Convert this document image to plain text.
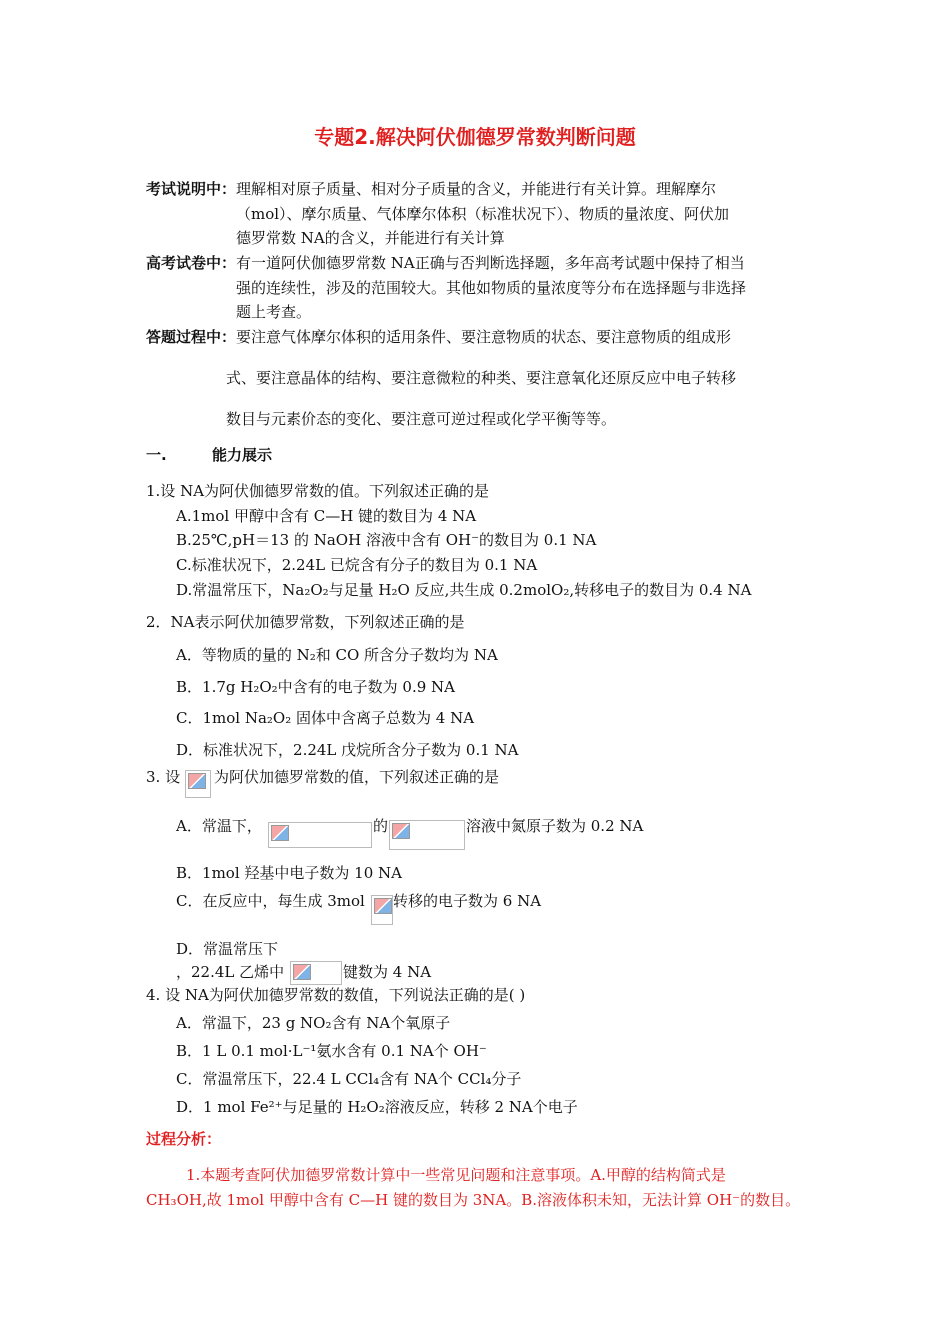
专题2.解决阿伏伽德罗常数判断问题
考试说明中： 理解相对原子质量、相对分子质量的含义，并能进行有关计算。理解摩尔
（mol）、摩尔质量、气体摩尔体积（标准状况下）、物质的量浓度、阿伏加
德罗常数 NA的含义，并能进行有关计算
高考试卷中： 有一道阿伏伽德罗常数 NA正确与否判断选择题，多年高考试题中保持了相当
强的连续性，涉及的范围较大。其他如物质的量浓度等分布在选择题与非选择
题上考查。
答题过程中： 要注意气体摩尔体积的适用条件、要注意物质的状态、要注意物质的组成形
式、要注意晶体的结构、要注意微粒的种类、要注意氧化还原反应中电子转移
数目与元素价态的变化、要注意可逆过程或化学平衡等等。
一.	能力展示
1.设 NA为阿伏伽德罗常数的值。下列叙述正确的是
A.1mol 甲醇中含有 C—H 键的数目为 4 NA
B.25℃,pH＝13 的 NaOH 溶液中含有 OH⁻的数目为 0.1 NA
C.标准状况下，2.24L 已烷含有分子的数目为 0.1 NA
D.常温常压下，Na₂O₂与足量 H₂O 反应,共生成 0.2molO₂,转移电子的数目为 0.4 NA
2．NA表示阿伏加德罗常数，下列叙述正确的是
A．等物质的量的 N₂和 CO 所含分子数均为 NA
B．1.7g H₂O₂中含有的电子数为 0.9 NA
C．1mol Na₂O₂ 固体中含离子总数为 4 NA
D．标准状况下，2.24L 戊烷所含分子数为 0.1 NA
3. 设 为阿伏加德罗常数的值，下列叙述正确的是
A．常温下，	的	溶液中氮原子数为 0.2 NA
B．1mol 羟基中电子数为 10 NA
C．在反应中，每生成 3mol 转移的电子数为 6 NA
D．常温常压下
，22.4L 乙烯中	键数为 4 NA
4. 设 NA为阿伏加德罗常数的数值，下列说法正确的是( )
A．常温下，23 g NO₂含有 NA个氧原子
B．1 L 0.1 mol·L⁻¹氨水含有 0.1 NA个 OH⁻
C．常温常压下，22.4 L CCl₄含有 NA个 CCl₄分子
D．1 mol Fe²⁺与足量的 H₂O₂溶液反应，转移 2 NA个电子
过程分析：
1.本题考查阿伏加德罗常数计算中一些常见问题和注意事项。A.甲醇的结构简式是
CH₃OH,故 1mol 甲醇中含有 C—H 键的数目为 3NA。B.溶液体积未知，无法计算 OH⁻的数目。
